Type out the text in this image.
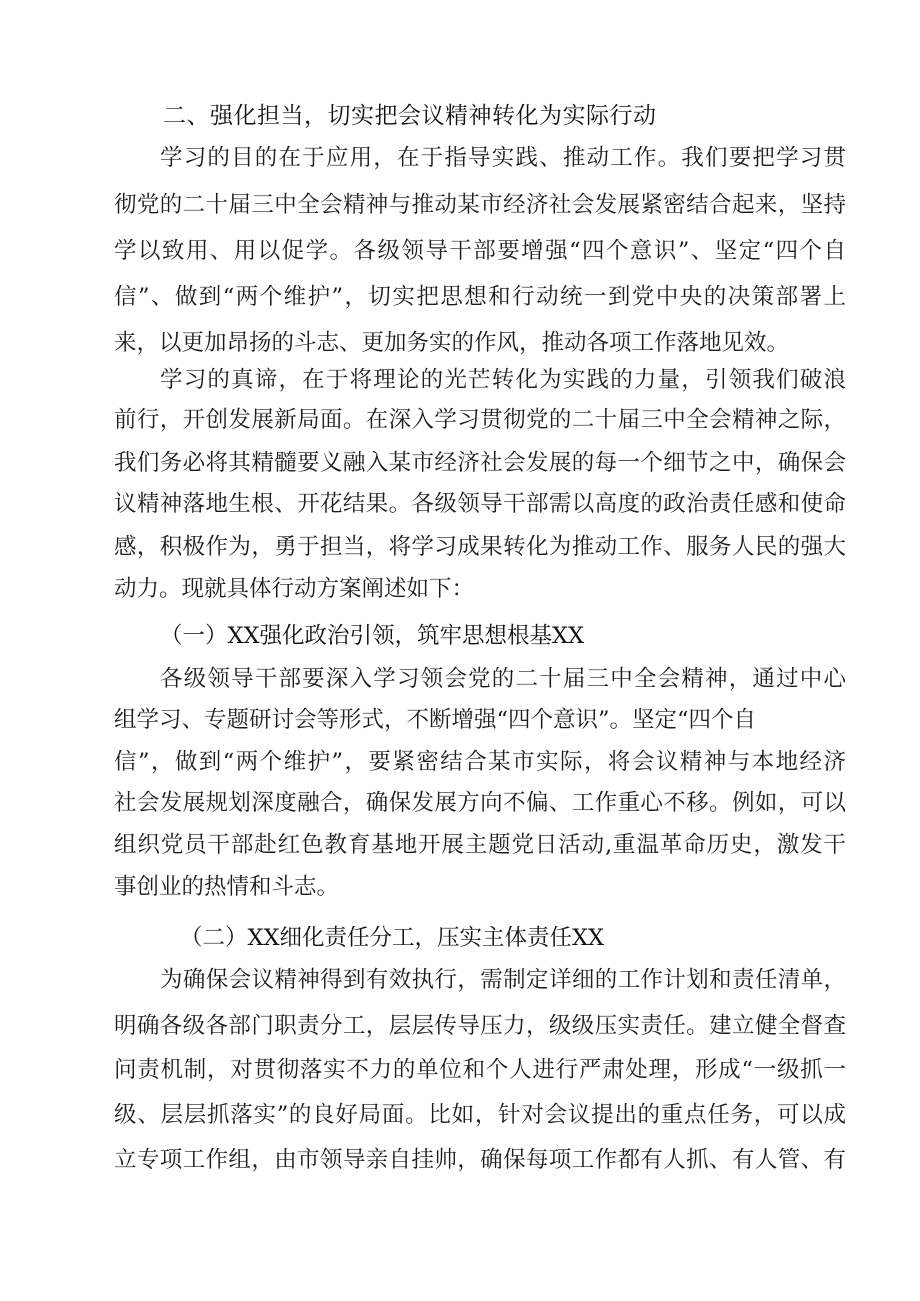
二、强化担当，切实把会议精神转化为实际行动
学习的目的在于应用，在于指导实践、推动工作。我们要把学习贯
彻党的二十届三中全会精神与推动某市经济社会发展紧密结合起来，坚持
学以致用、用以促学。各级领导干部要增强“四个意识”、坚定“四个自
信”、做到“两个维护”，切实把思想和行动统一到党中央的决策部署上
来，以更加昂扬的斗志、更加务实的作风，推动各项工作落地见效。
学习的真谛，在于将理论的光芒转化为实践的力量，引领我们破浪
前行，开创发展新局面。在深入学习贯彻党的二十届三中全会精神之际，
我们务必将其精髓要义融入某市经济社会发展的每一个细节之中，确保会
议精神落地生根、开花结果。各级领导干部需以高度的政治责任感和使命
感，积极作为，勇于担当，将学习成果转化为推动工作、服务人民的强大
动力。现就具体行动方案阐述如下：
（一）XX强化政治引领，筑牢思想根基XX
各级领导干部要深入学习领会党的二十届三中全会精神，通过中心
组学习、专题研讨会等形式，不断增强“四个意识”。坚定“四个自
信”，做到“两个维护”，要紧密结合某市实际，将会议精神与本地经济
社会发展规划深度融合，确保发展方向不偏、工作重心不移。例如，可以
组织党员干部赴红色教育基地开展主题党日活动,重温革命历史，激发干
事创业的热情和斗志。
（二）XX细化责任分工，压实主体责任XX
为确保会议精神得到有效执行，需制定详细的工作计划和责任清单，
明确各级各部门职责分工，层层传导压力，级级压实责任。建立健全督查
问责机制，对贯彻落实不力的单位和个人进行严肃处理，形成“一级抓一
级、层层抓落实”的良好局面。比如，针对会议提出的重点任务，可以成
立专项工作组，由市领导亲自挂帅，确保每项工作都有人抓、有人管、有
